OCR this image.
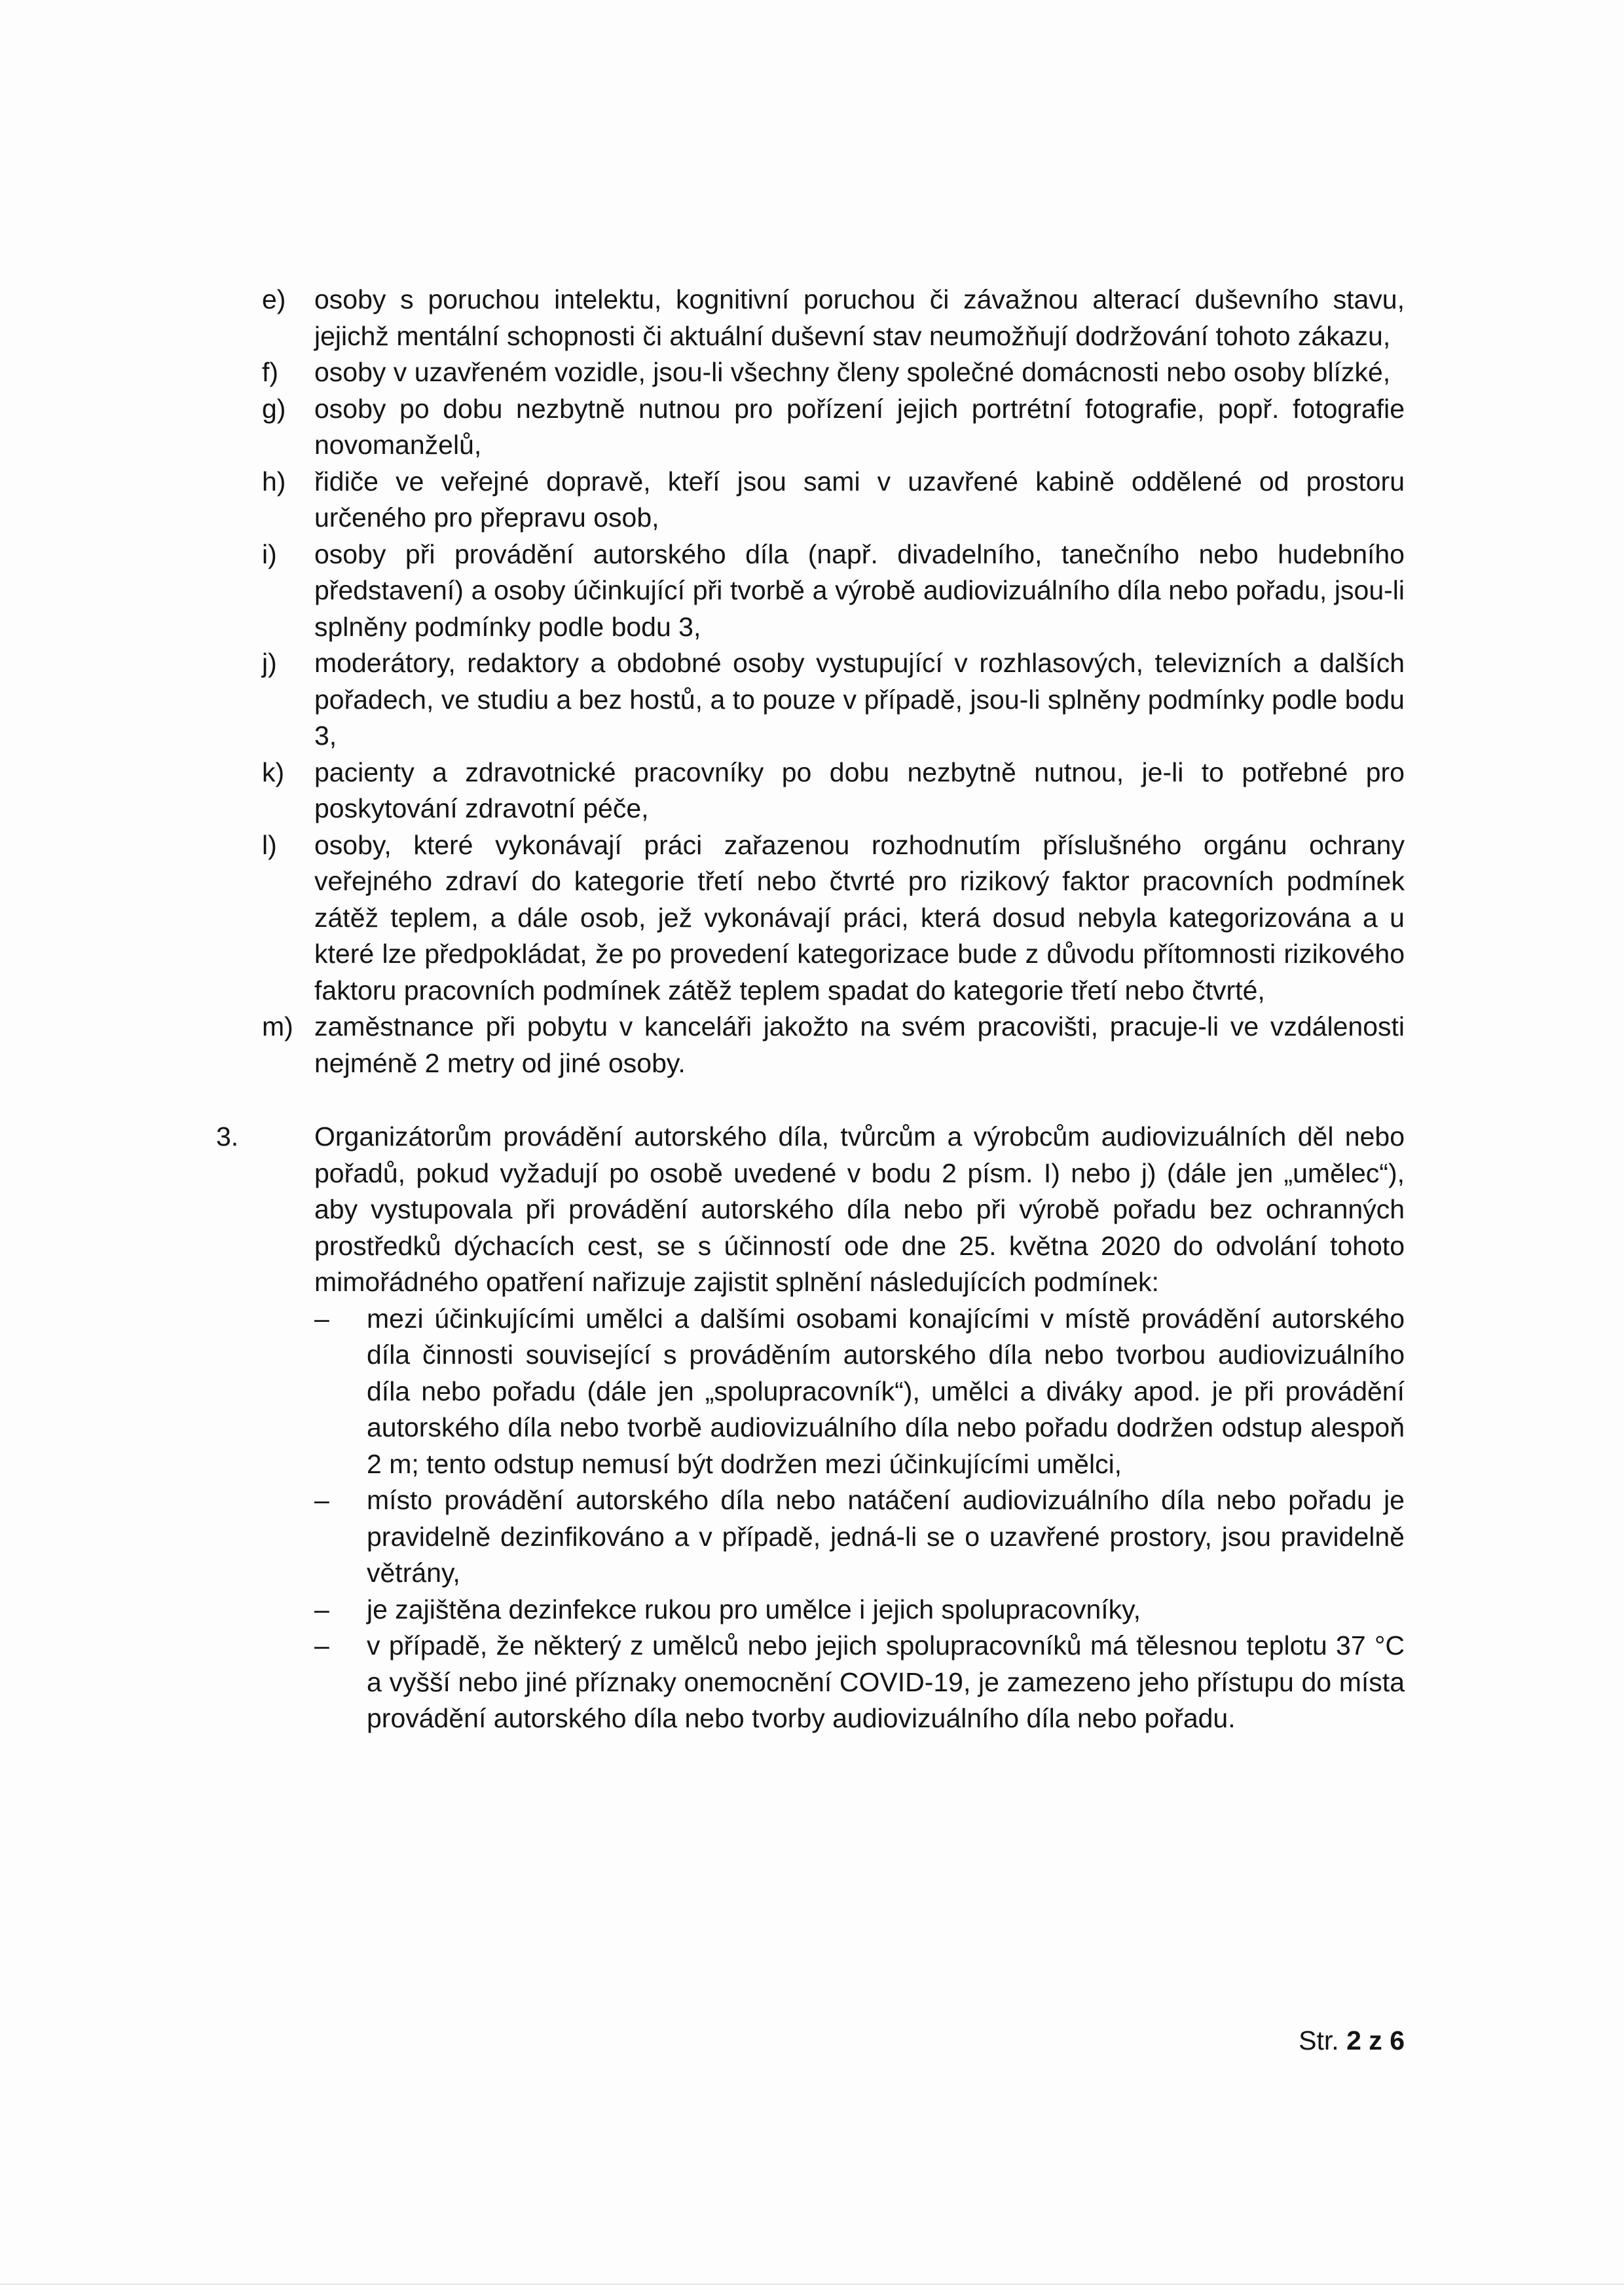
e)	osoby s poruchou intelektu, kognitivní poruchou či závažnou alterací duševního stavu, jejichž mentální schopnosti či aktuální duševní stav neumožňují dodržování tohoto zákazu,
f)	osoby v uzavřeném vozidle, jsou-li všechny členy společné domácnosti nebo osoby blízké,
g)	osoby po dobu nezbytně nutnou pro pořízení jejich portrétní fotografie, popř. fotografie novomanželů,
h)	řidiče ve veřejné dopravě, kteří jsou sami v uzavřené kabině oddělené od prostoru určeného pro přepravu osob,
i)	osoby při provádění autorského díla (např. divadelního, tanečního nebo hudebního představení) a osoby účinkující při tvorbě a výrobě audiovizuálního díla nebo pořadu, jsou-li splněny podmínky podle bodu 3,
j)	moderátory, redaktory a obdobné osoby vystupující v rozhlasových, televizních a dalších pořadech, ve studiu a bez hostů, a to pouze v případě, jsou-li splněny podmínky podle bodu 3,
k)	pacienty a zdravotnické pracovníky po dobu nezbytně nutnou, je-li to potřebné pro poskytování zdravotní péče,
l)	osoby, které vykonávají práci zařazenou rozhodnutím příslušného orgánu ochrany veřejného zdraví do kategorie třetí nebo čtvrté pro rizikový faktor pracovních podmínek zátěž teplem, a dále osob, jež vykonávají práci, která dosud nebyla kategorizována a u které lze předpokládat, že po provedení kategorizace bude z důvodu přítomnosti rizikového faktoru pracovních podmínek zátěž teplem spadat do kategorie třetí nebo čtvrté,
m) zaměstnance při pobytu v kanceláři jakožto na svém pracovišti, pracuje-li ve vzdálenosti nejméně 2 metry od jiné osoby.
3.	Organizátorům provádění autorského díla, tvůrcům a výrobcům audiovizuálních děl nebo pořadů, pokud vyžadují po osobě uvedené v bodu 2 písm. I) nebo j) (dále jen „umělec“), aby vystupovala při provádění autorského díla nebo při výrobě pořadu bez ochranných prostředků dýchacích cest, se s účinností ode dne 25. května 2020 do odvolání tohoto mimořádného opatření nařizuje zajistit splnění následujících podmínek:
– mezi účinkujícími umělci a dalšími osobami konajícími v místě provádění autorského díla činnosti související s prováděním autorského díla nebo tvorbou audiovizuálního díla nebo pořadu (dále jen „spolupracovník“), umělci a diváky apod. je při provádění autorského díla nebo tvorbě audiovizuálního díla nebo pořadu dodržen odstup alespoň 2 m; tento odstup nemusí být dodržen mezi účinkujícími umělci,
– místo provádění autorského díla nebo natáčení audiovizuálního díla nebo pořadu je pravidelně dezinfikováno a v případě, jedná-li se o uzavřené prostory, jsou pravidelně větrány,
– je zajištěna dezinfekce rukou pro umělce i jejich spolupracovníky,
– v případě, že některý z umělců nebo jejich spolupracovníků má tělesnou teplotu 37 °C a vyšší nebo jiné příznaky onemocnění COVID-19, je zamezeno jeho přístupu do místa provádění autorského díla nebo tvorby audiovizuálního díla nebo pořadu.
Str. 2 z 6
